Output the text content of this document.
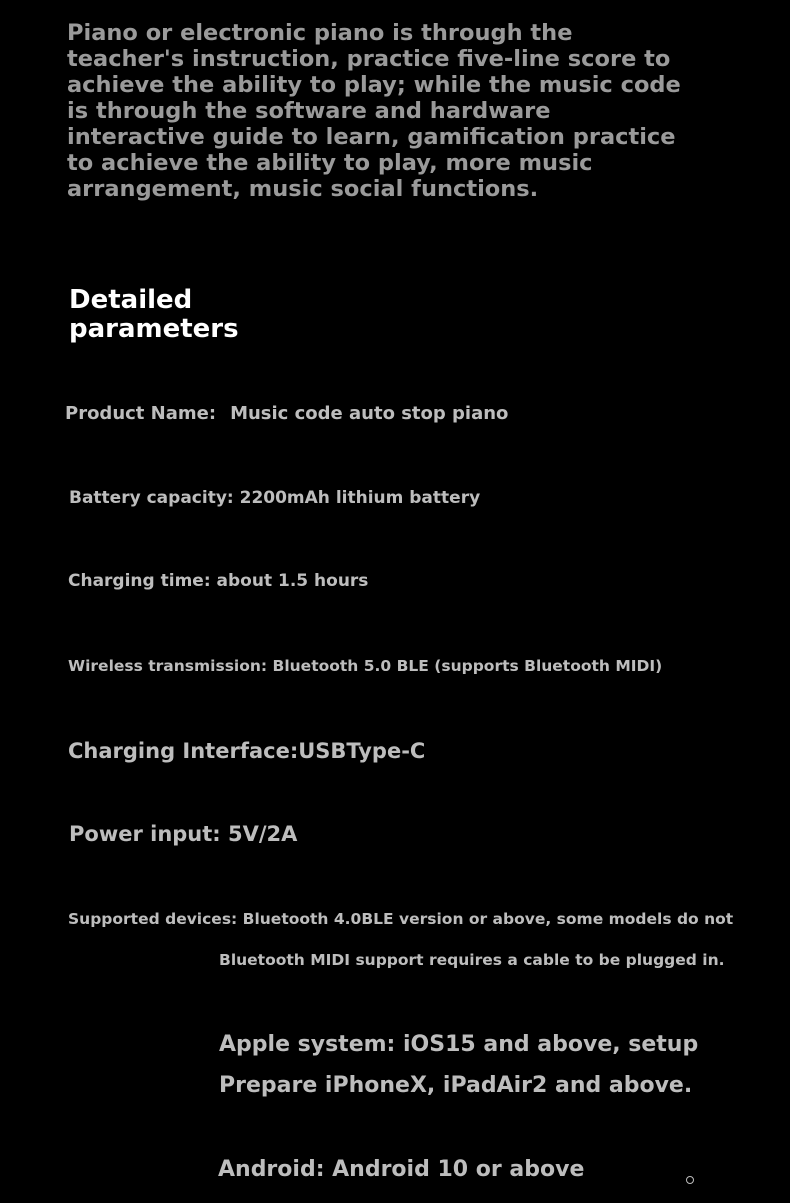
Piano or electronic piano is through the teacher's instruction, practice five-line score to achieve the ability to play; while the music code is through the software and hardware interactive guide to learn, gamification practice to achieve the ability to play, more music arrangement, music social functions.

Detailed parameters

Product Name: Music code auto stop piano

Battery capacity: 2200mAh lithium battery

Charging time: about 1.5 hours

Wireless transmission: Bluetooth 5.0 BLE (supports Bluetooth MIDI)

Charging Interface:USBType-C

Power input: 5V/2A

Supported devices: Bluetooth 4.0BLE version or above, some models do not

Bluetooth MIDI support requires a cable to be plugged in.

Apple system: iOS15 and above, setup

Prepare iPhoneX, iPadAir2 and above.

Android: Android 10 or above
